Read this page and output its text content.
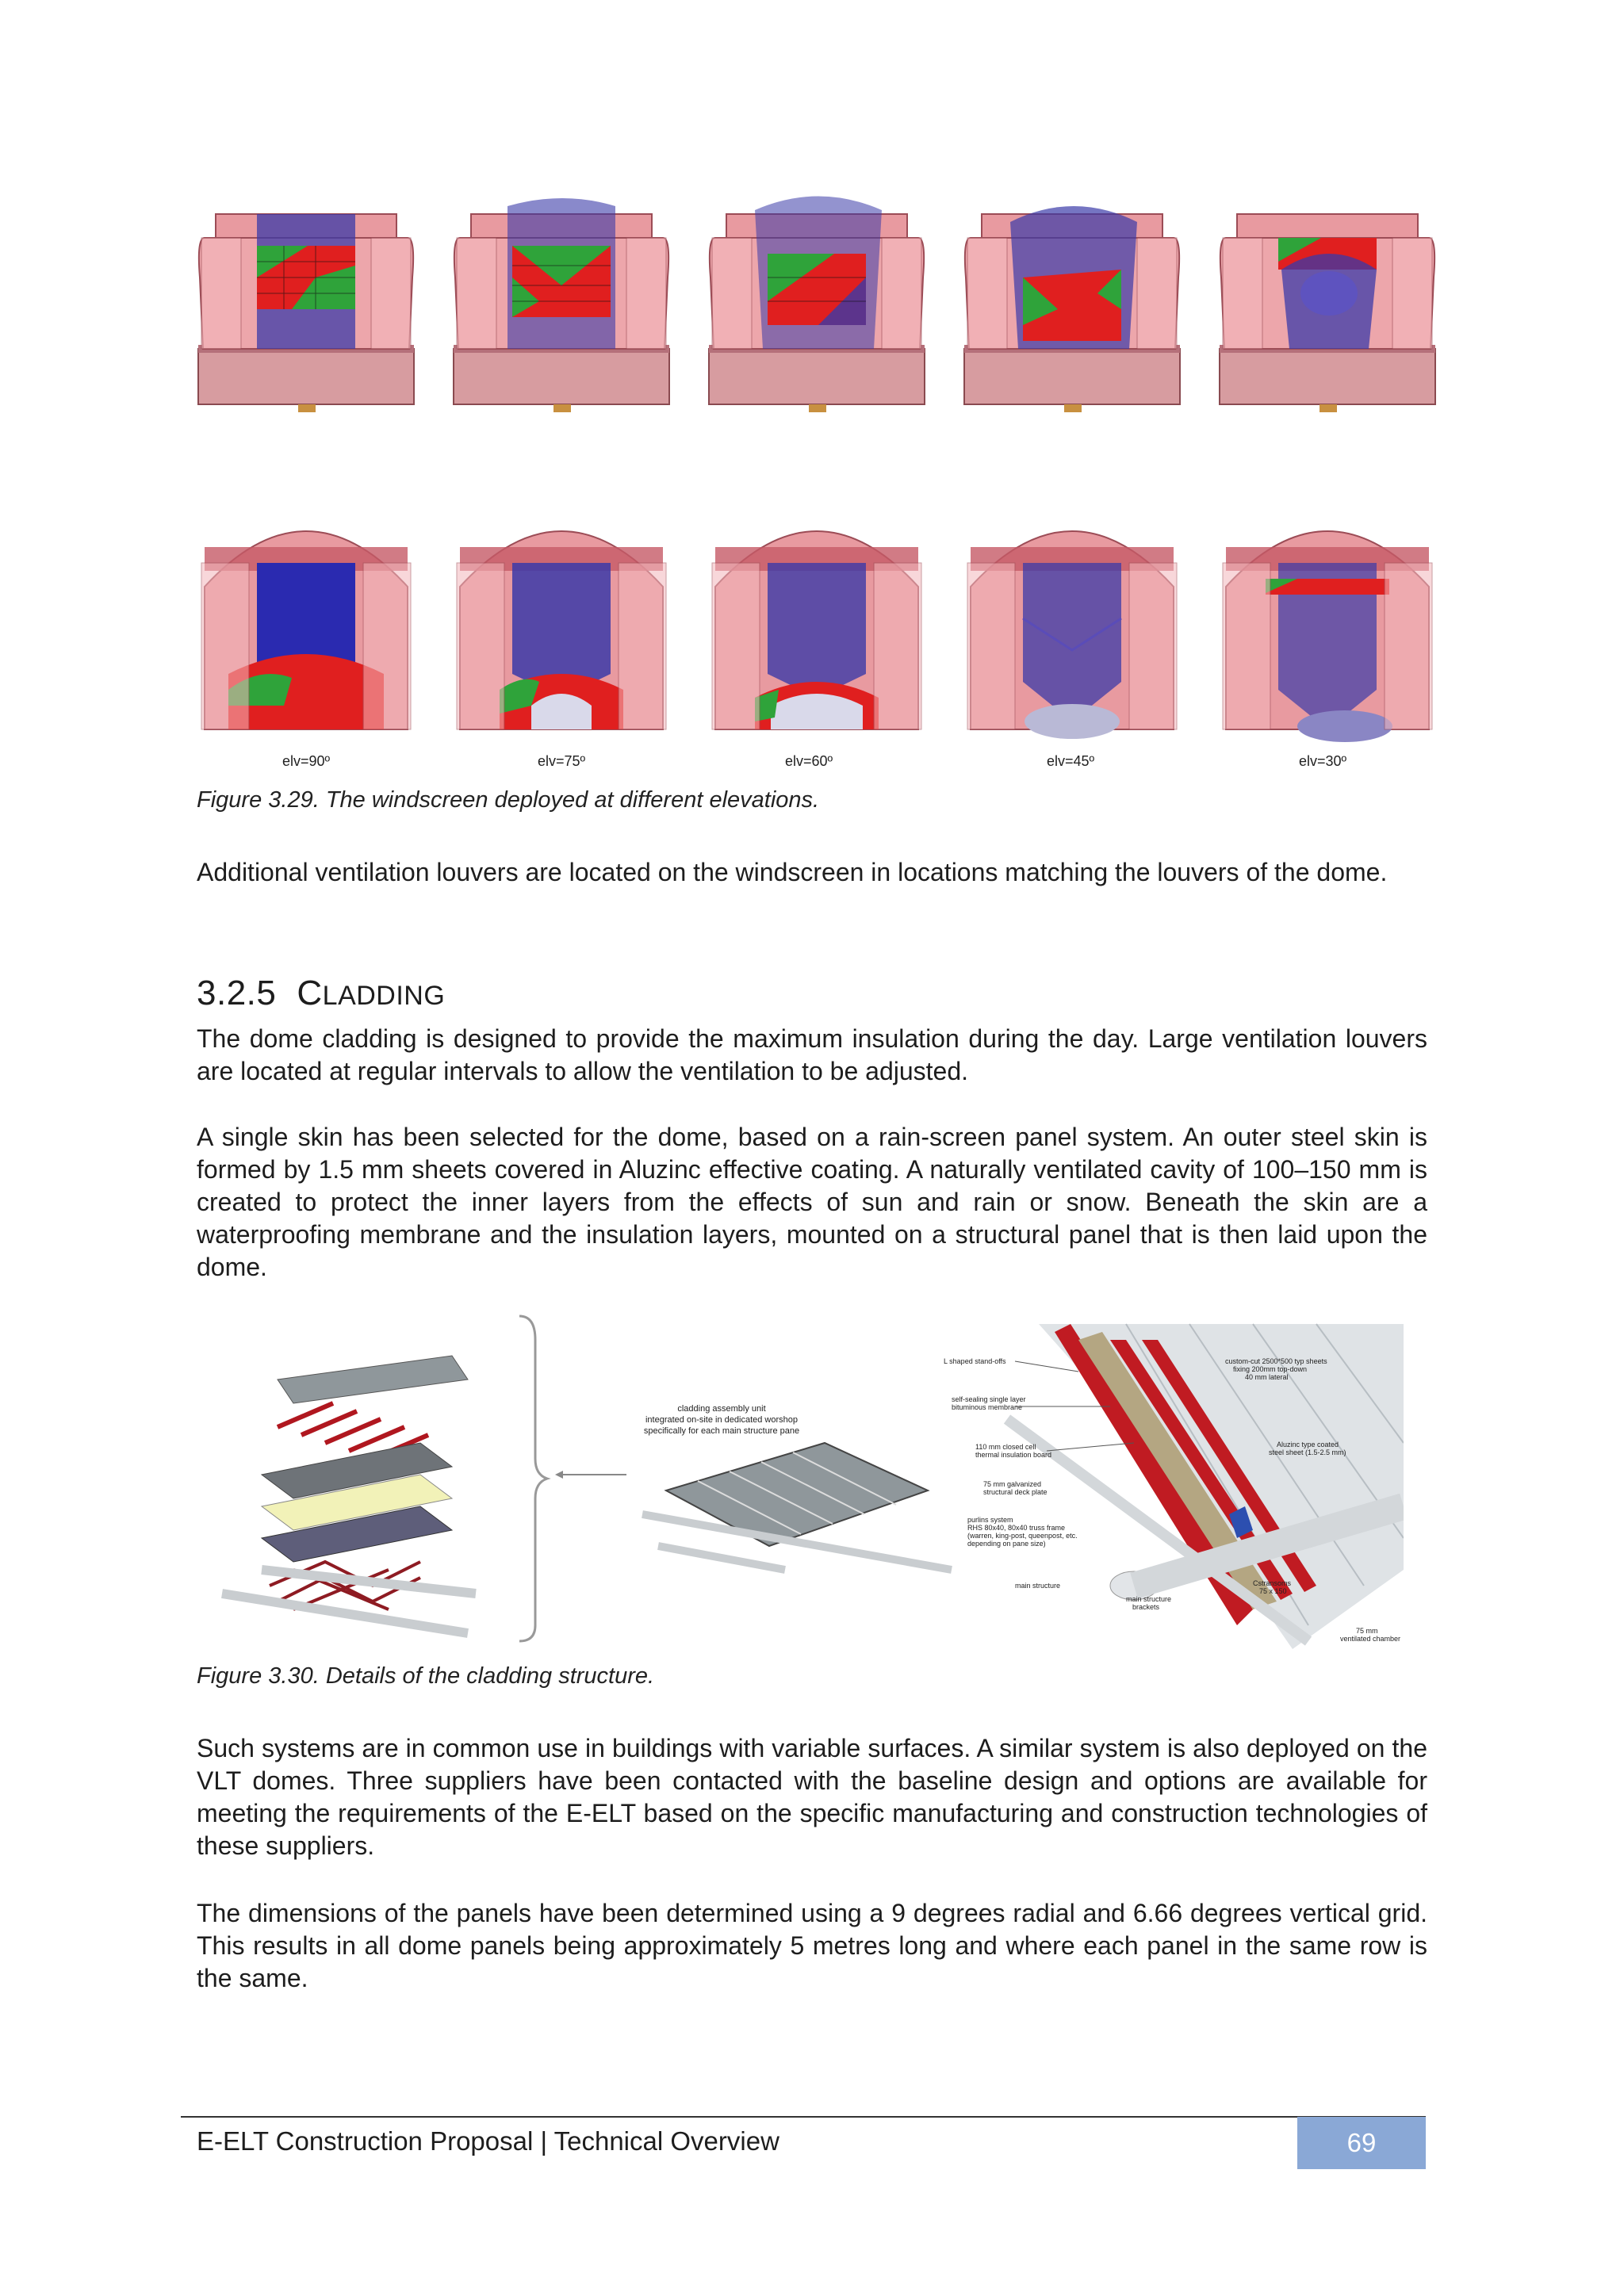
elv=90º	elv=75º	elv=60º	elv=45º	elv=30º
Figure 3.29. The windscreen deployed at different elevations.

Additional ventilation louvers are located on the windscreen in locations matching the louvers of the dome.

3.2.5 CLADDING

The dome cladding is designed to provide the maximum insulation during the day. Large ventilation louvers are located at regular intervals to allow the ventilation to be adjusted.

A single skin has been selected for the dome, based on a rain-screen panel system. An outer steel skin is formed by 1.5 mm sheets covered in Aluzinc effective coating. A naturally ventilated cavity of 100–150 mm is created to protect the inner layers from the effects of sun and rain or snow. Beneath the skin are a waterproofing membrane and the insulation layers, mounted on a structural panel that is then laid upon the dome.

cladding assembly unit
integrated on-site in dedicated worshop
specifically for each main structure pane
L shaped stand-offs
self-sealing single layer
bituminous membrane
110 mm closed cell
thermal insulation board
75 mm galvanized
structural deck plate
purlins system
RHS 80x40, 80x40 truss frame
(warren, king-post, queenpost, etc.
depending on pane size)
main structure
main structure
brackets
custom-cut 2500*500 typ sheets
fixing 200mm top-down
40 mm lateral
Aluzinc type coated
steel sheet (1.5-2.5 mm)
Cstransoms
75 x 150
75 mm
ventilated chamber
Figure 3.30. Details of the cladding structure.

Such systems are in common use in buildings with variable surfaces. A similar system is also deployed on the VLT domes. Three suppliers have been contacted with the baseline design and options are available for meeting the requirements of the E-ELT based on the specific manufacturing and construction technologies of these suppliers.

The dimensions of the panels have been determined using a 9 degrees radial and 6.66 degrees vertical grid. This results in all dome panels being approximately 5 metres long and where each panel in the same row is the same.

E-ELT Construction Proposal | Technical Overview	69
